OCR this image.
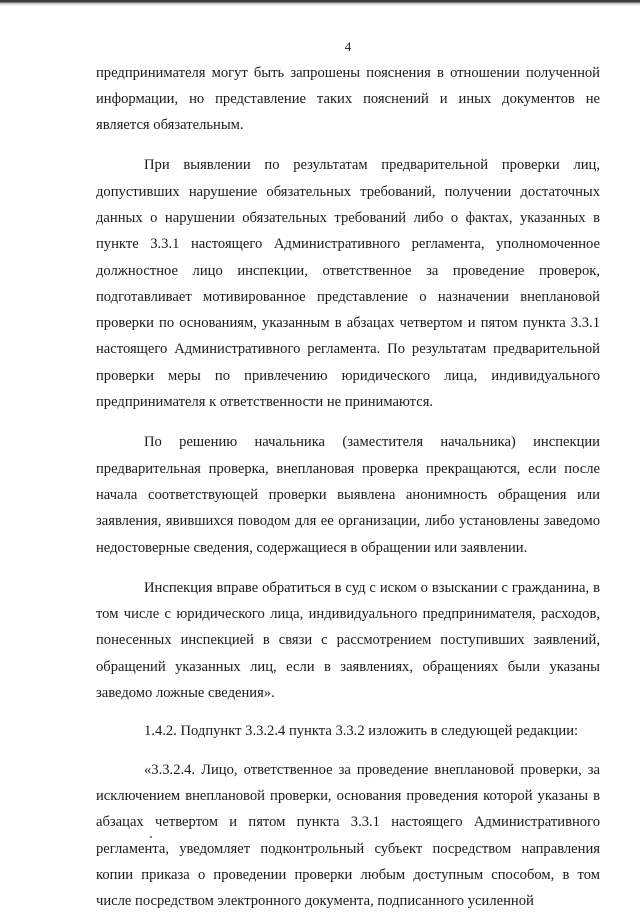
4
предпринимателя могут быть запрошены пояснения в отношении полученной
информации, но представление таких пояснений и иных документов не
является обязательным.
При выявлении по результатам предварительной проверки лиц,
допустивших нарушение обязательных требований, получении достаточных
данных о нарушении обязательных требований либо о фактах, указанных в
пункте 3.3.1 настоящего Административного регламента, уполномоченное
должностное лицо инспекции, ответственное за проведение проверок,
подготавливает мотивированное представление о назначении внеплановой
проверки по основаниям, указанным в абзацах четвертом и пятом пункта 3.3.1
настоящего Административного регламента. По результатам предварительной
проверки меры по привлечению юридического лица, индивидуального
предпринимателя к ответственности не принимаются.
По решению начальника (заместителя начальника) инспекции
предварительная проверка, внеплановая проверка прекращаются, если после
начала соответствующей проверки выявлена анонимность обращения или
заявления, явившихся поводом для ее организации, либо установлены заведомо
недостоверные сведения, содержащиеся в обращении или заявлении.
Инспекция вправе обратиться в суд с иском о взыскании с гражданина, в
том числе с юридического лица, индивидуального предпринимателя, расходов,
понесенных инспекцией в связи с рассмотрением поступивших заявлений,
обращений указанных лиц, если в заявлениях, обращениях были указаны
заведомо ложные сведения».
1.4.2. Подпункт 3.3.2.4 пункта 3.3.2 изложить в следующей редакции:
«3.3.2.4. Лицо, ответственное за проведение внеплановой проверки, за
исключением внеплановой проверки, основания проведения которой указаны в
абзацах четвертом и пятом пункта 3.3.1 настоящего Административного
регламента, уведомляет подконтрольный субъект посредством направления
копии приказа о проведении проверки любым доступным способом, в том
числе посредством электронного документа, подписанного усиленной
